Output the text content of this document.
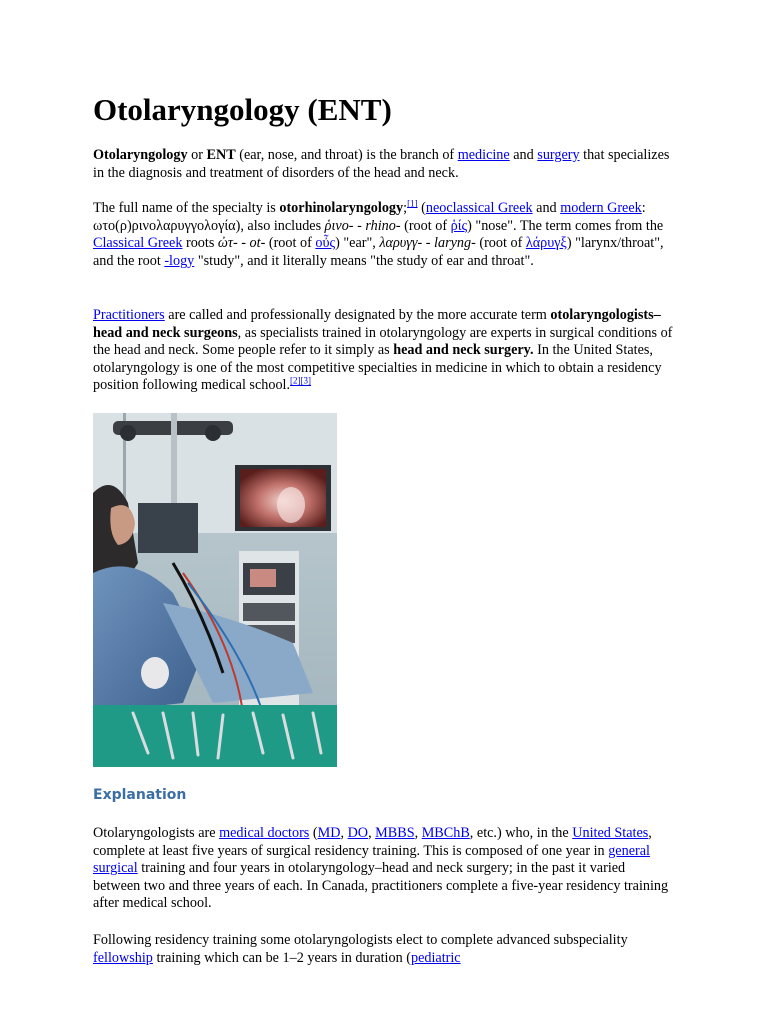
Otolaryngology (ENT)

Otolaryngology or ENT (ear, nose, and throat) is the branch of medicine and surgery that specializes in the diagnosis and treatment of disorders of the head and neck.

The full name of the specialty is otorhinolaryngology;[1] (neoclassical Greek and modern Greek: ωτο(ρ)ρινολαρυγγολογία), also includes ῥινο- - rhino- (root of ῥίς) "nose". The term comes from the Classical Greek roots ὠτ- - ot- (root of οὖς) "ear", λαρυγγ- - laryng- (root of λάρυγξ) "larynx/throat", and the root -logy "study", and it literally means "the study of ear and throat".

Practitioners are called and professionally designated by the more accurate term otolaryngologists– head and neck surgeons, as specialists trained in otolaryngology are experts in surgical conditions of the head and neck. Some people refer to it simply as head and neck surgery. In the United States, otolaryngology is one of the most competitive specialties in medicine in which to obtain a residency position following medical school.[2][3]

Explanation

Otolaryngologists are medical doctors (MD, DO, MBBS, MBChB, etc.) who, in the United States, complete at least five years of surgical residency training. This is composed of one year in general surgical training and four years in otolaryngology–head and neck surgery; in the past it varied between two and three years of each. In Canada, practitioners complete a five-year residency training after medical school.

Following residency training some otolaryngologists elect to complete advanced subspeciality fellowship training which can be 1–2 years in duration (pediatric
